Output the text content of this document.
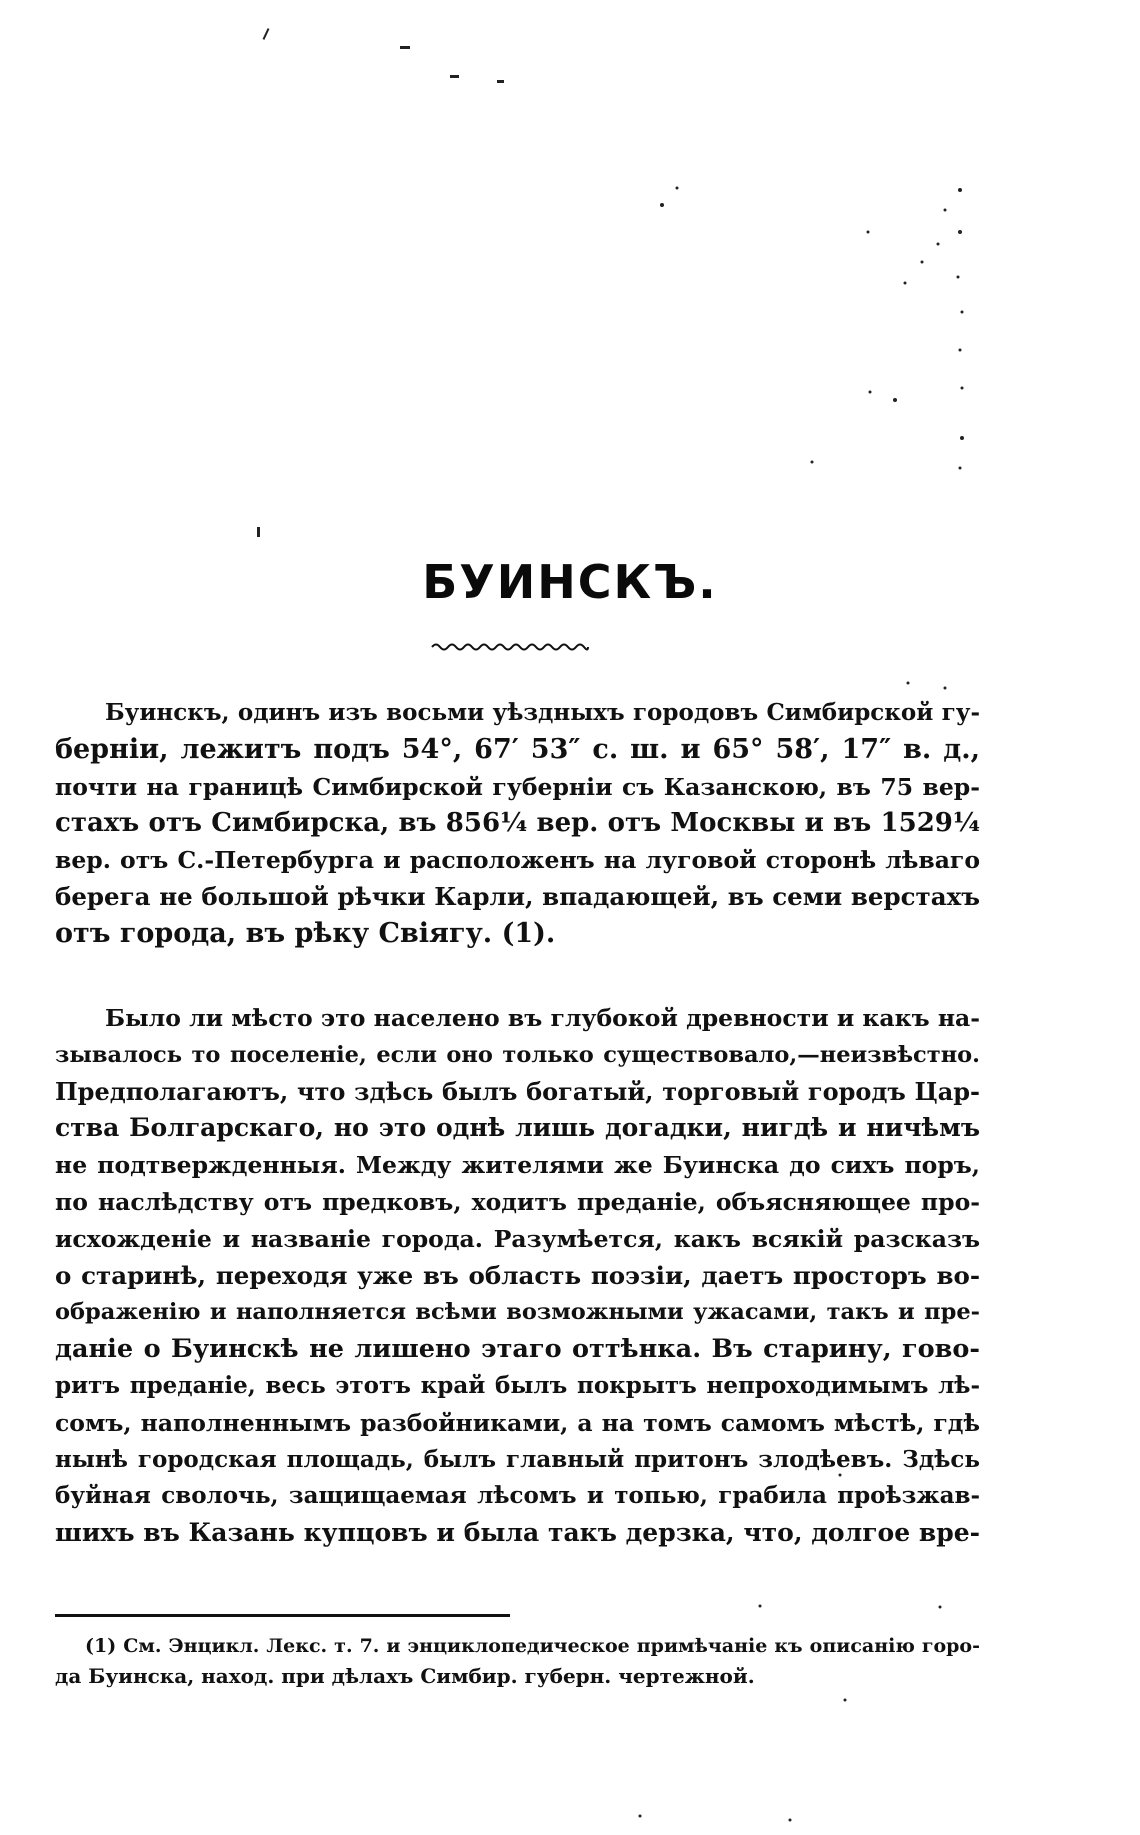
БУИНСКЪ.
Буинскъ, одинъ изъ восьми уѣздныхъ городовъ Симбирской гу-
берніи, лежитъ подъ 54°, 67′ 53″ с. ш. и 65° 58′, 17″ в. д.,
почти на границѣ Симбирской губерніи съ Казанскою, въ 75 вер-
стахъ отъ Симбирска, въ 856¼ вер. отъ Москвы и въ 1529¼
вер. отъ С.-Петербурга и расположенъ на луговой сторонѣ лѣваго
берега не большой рѣчки Карли, впадающей, въ семи верстахъ
отъ города, въ рѣку Свіягу. (1).
Было ли мѣсто это населено въ глубокой древности и какъ на-
зывалось то поселеніе, если оно только существовало,—неизвѣстно.
Предполагаютъ, что здѣсь былъ богатый, торговый городъ Цар-
ства Болгарскаго, но это однѣ лишь догадки, нигдѣ и ничѣмъ
не подтвержденныя. Между жителями же Буинска до сихъ поръ,
по наслѣдству отъ предковъ, ходитъ преданіе, объясняющее про-
исхожденіе и названіе города. Разумѣется, какъ всякій разсказъ
о старинѣ, переходя уже въ область поэзіи, даетъ просторъ во-
ображенію и наполняется всѣми возможными ужасами, такъ и пре-
даніе о Буинскѣ не лишено этаго оттѣнка. Въ старину, гово-
ритъ преданіе, весь этотъ край былъ покрытъ непроходимымъ лѣ-
сомъ, наполненнымъ разбойниками, а на томъ самомъ мѣстѣ, гдѣ
нынѣ городская площадь, былъ главный притонъ злодѣевъ. Здѣсь
буйная сволочь, защищаемая лѣсомъ и топью, грабила проѣзжав-
шихъ въ Казань купцовъ и была такъ дерзка, что, долгое вре-
(1) См. Энцикл. Лекс. т. 7. и энциклопедическое примѣчаніе къ описанію горо-
да Буинска, наход. при дѣлахъ Симбир. губерн. чертежной.
